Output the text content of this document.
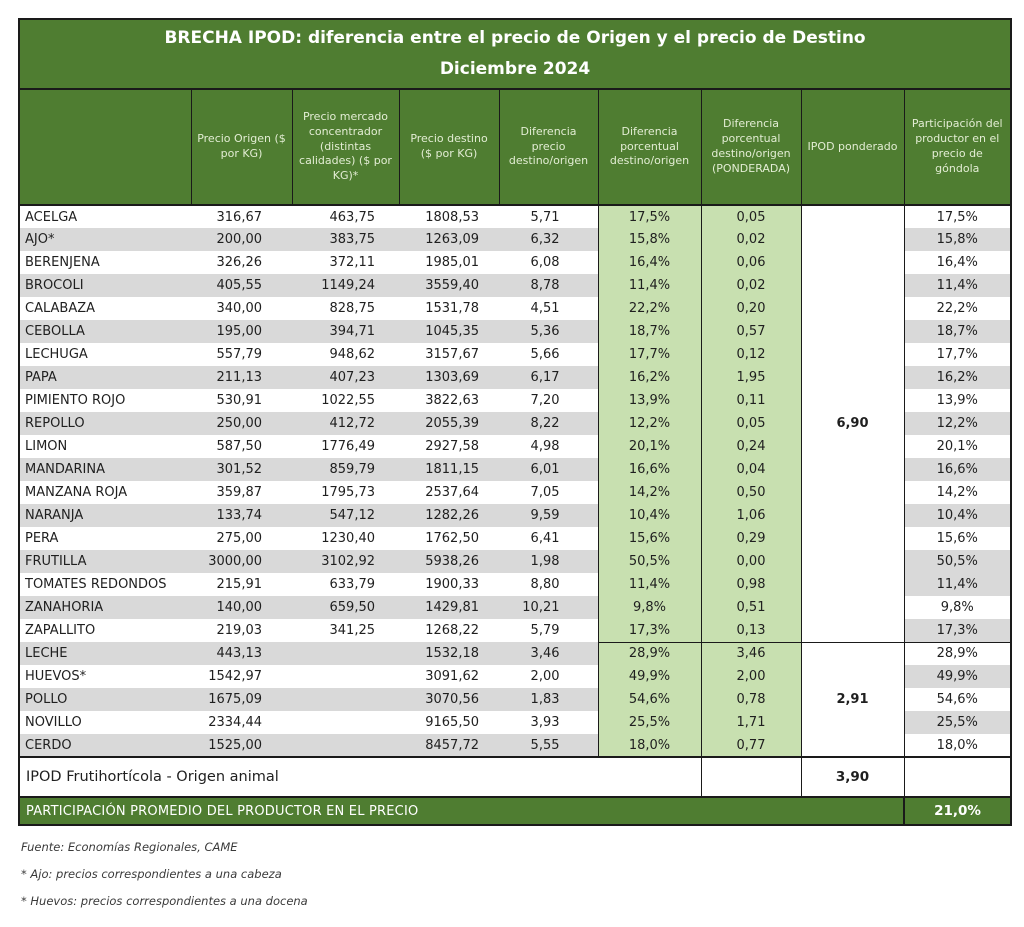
BRECHA IPOD: diferencia entre el precio de Origen y el precio de Destino
Diciembre 2024								

	Precio Origen ($ por KG)	Precio mercado concentrador (distintas calidades) ($ por KG)*	Precio destino ($ por KG)	Diferencia precio destino/origen	Diferencia porcentual destino/origen	Diferencia porcentual destino/origen (PONDERADA)	IPOD ponderado	Participación del productor en el precio de góndola
ACELGA	316,67	463,75	1808,53	5,71	17,5%	0,05	6,90	17,5%
AJO*	200,00	383,75	1263,09	6,32	15,8%	0,02		15,8%
BERENJENA	326,26	372,11	1985,01	6,08	16,4%	0,06		16,4%
BROCOLI	405,55	1149,24	3559,40	8,78	11,4%	0,02		11,4%
CALABAZA	340,00	828,75	1531,78	4,51	22,2%	0,20		22,2%
CEBOLLA	195,00	394,71	1045,35	5,36	18,7%	0,57		18,7%
LECHUGA	557,79	948,62	3157,67	5,66	17,7%	0,12		17,7%
PAPA	211,13	407,23	1303,69	6,17	16,2%	1,95		16,2%
PIMIENTO ROJO	530,91	1022,55	3822,63	7,20	13,9%	0,11		13,9%
REPOLLO	250,00	412,72	2055,39	8,22	12,2%	0,05		12,2%
LIMON	587,50	1776,49	2927,58	4,98	20,1%	0,24		20,1%
MANDARINA	301,52	859,79	1811,15	6,01	16,6%	0,04		16,6%
MANZANA ROJA	359,87	1795,73	2537,64	7,05	14,2%	0,50		14,2%
NARANJA	133,74	547,12	1282,26	9,59	10,4%	1,06		10,4%
PERA	275,00	1230,40	1762,50	6,41	15,6%	0,29		15,6%
FRUTILLA	3000,00	3102,92	5938,26	1,98	50,5%	0,00		50,5%
TOMATES REDONDOS	215,91	633,79	1900,33	8,80	11,4%	0,98		11,4%
ZANAHORIA	140,00	659,50	1429,81	10,21	9,8%	0,51		9,8%
ZAPALLITO	219,03	341,25	1268,22	5,79	17,3%	0,13		17,3%
LECHE	443,13		1532,18	3,46	28,9%	3,46	2,91	28,9%
HUEVOS*	1542,97		3091,62	2,00	49,9%	2,00		49,9%
POLLO	1675,09		3070,56	1,83	54,6%	0,78		54,6%
NOVILLO	2334,44		9165,50	3,93	25,5%	1,71		25,5%
CERDO	1525,00		8457,72	5,55	18,0%	0,77		18,0%
IPOD Frutihortícola - Origen animal							3,90	
PARTICIPACIÓN PROMEDIO DEL PRODUCTOR EN EL PRECIO								21,0%
Fuente: Economías Regionales, CAME
* Ajo: precios correspondientes a una cabeza
* Huevos: precios correspondientes a una docena
